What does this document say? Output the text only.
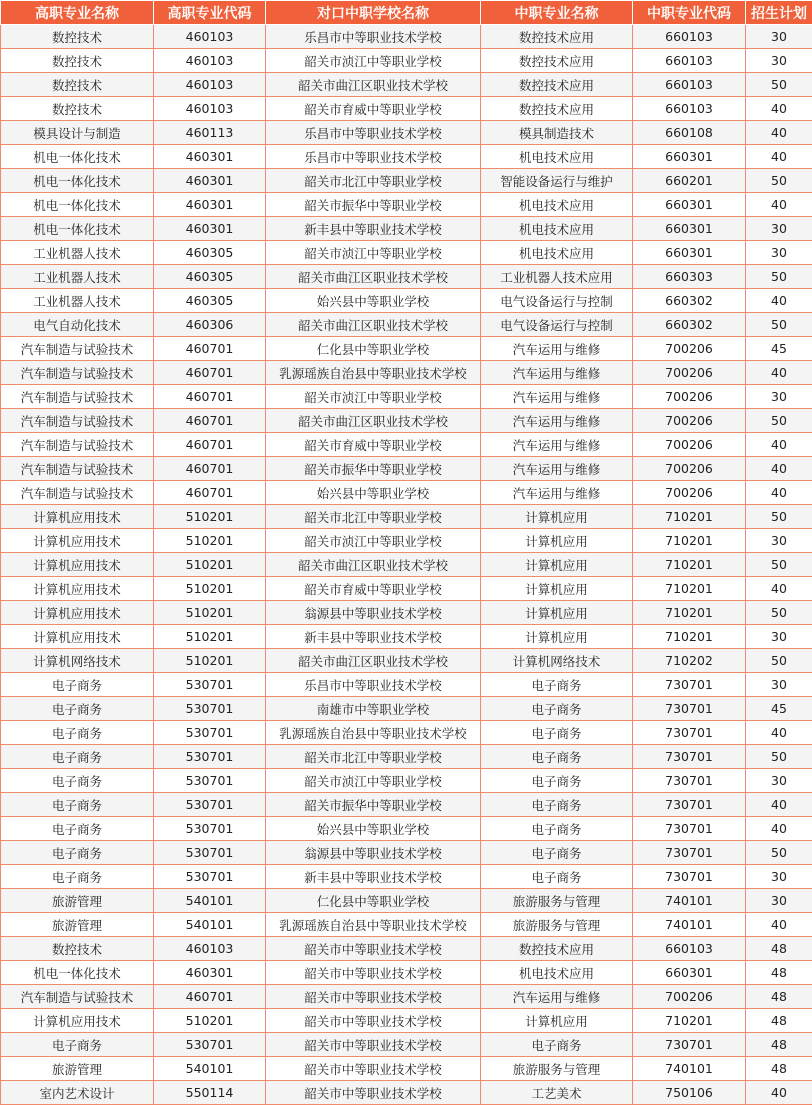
高职专业名称	高职专业代码	对口中职学校名称	中职专业名称	中职专业代码	招生计划
数控技术	460103	乐昌市中等职业技术学校	数控技术应用	660103	30
数控技术	460103	韶关市浈江中等职业学校	数控技术应用	660103	30
数控技术	460103	韶关市曲江区职业技术学校	数控技术应用	660103	50
数控技术	460103	韶关市育威中等职业学校	数控技术应用	660103	40
模具设计与制造	460113	乐昌市中等职业技术学校	模具制造技术	660108	40
机电一体化技术	460301	乐昌市中等职业技术学校	机电技术应用	660301	40
机电一体化技术	460301	韶关市北江中等职业学校	智能设备运行与维护	660201	50
机电一体化技术	460301	韶关市振华中等职业学校	机电技术应用	660301	40
机电一体化技术	460301	新丰县中等职业技术学校	机电技术应用	660301	30
工业机器人技术	460305	韶关市浈江中等职业学校	机电技术应用	660301	30
工业机器人技术	460305	韶关市曲江区职业技术学校	工业机器人技术应用	660303	50
工业机器人技术	460305	始兴县中等职业学校	电气设备运行与控制	660302	40
电气自动化技术	460306	韶关市曲江区职业技术学校	电气设备运行与控制	660302	50
汽车制造与试验技术	460701	仁化县中等职业学校	汽车运用与维修	700206	45
汽车制造与试验技术	460701	乳源瑶族自治县中等职业技术学校	汽车运用与维修	700206	40
汽车制造与试验技术	460701	韶关市浈江中等职业学校	汽车运用与维修	700206	30
汽车制造与试验技术	460701	韶关市曲江区职业技术学校	汽车运用与维修	700206	50
汽车制造与试验技术	460701	韶关市育威中等职业学校	汽车运用与维修	700206	40
汽车制造与试验技术	460701	韶关市振华中等职业学校	汽车运用与维修	700206	40
汽车制造与试验技术	460701	始兴县中等职业学校	汽车运用与维修	700206	40
计算机应用技术	510201	韶关市北江中等职业学校	计算机应用	710201	50
计算机应用技术	510201	韶关市浈江中等职业学校	计算机应用	710201	30
计算机应用技术	510201	韶关市曲江区职业技术学校	计算机应用	710201	50
计算机应用技术	510201	韶关市育威中等职业学校	计算机应用	710201	40
计算机应用技术	510201	翁源县中等职业技术学校	计算机应用	710201	50
计算机应用技术	510201	新丰县中等职业技术学校	计算机应用	710201	30
计算机网络技术	510201	韶关市曲江区职业技术学校	计算机网络技术	710202	50
电子商务	530701	乐昌市中等职业技术学校	电子商务	730701	30
电子商务	530701	南雄市中等职业学校	电子商务	730701	45
电子商务	530701	乳源瑶族自治县中等职业技术学校	电子商务	730701	40
电子商务	530701	韶关市北江中等职业学校	电子商务	730701	50
电子商务	530701	韶关市浈江中等职业学校	电子商务	730701	30
电子商务	530701	韶关市振华中等职业学校	电子商务	730701	40
电子商务	530701	始兴县中等职业学校	电子商务	730701	40
电子商务	530701	翁源县中等职业技术学校	电子商务	730701	50
电子商务	530701	新丰县中等职业技术学校	电子商务	730701	30
旅游管理	540101	仁化县中等职业学校	旅游服务与管理	740101	30
旅游管理	540101	乳源瑶族自治县中等职业技术学校	旅游服务与管理	740101	40
数控技术	460103	韶关市中等职业技术学校	数控技术应用	660103	48
机电一体化技术	460301	韶关市中等职业技术学校	机电技术应用	660301	48
汽车制造与试验技术	460701	韶关市中等职业技术学校	汽车运用与维修	700206	48
计算机应用技术	510201	韶关市中等职业技术学校	计算机应用	710201	48
电子商务	530701	韶关市中等职业技术学校	电子商务	730701	48
旅游管理	540101	韶关市中等职业技术学校	旅游服务与管理	740101	48
室内艺术设计	550114	韶关市中等职业技术学校	工艺美术	750106	40
